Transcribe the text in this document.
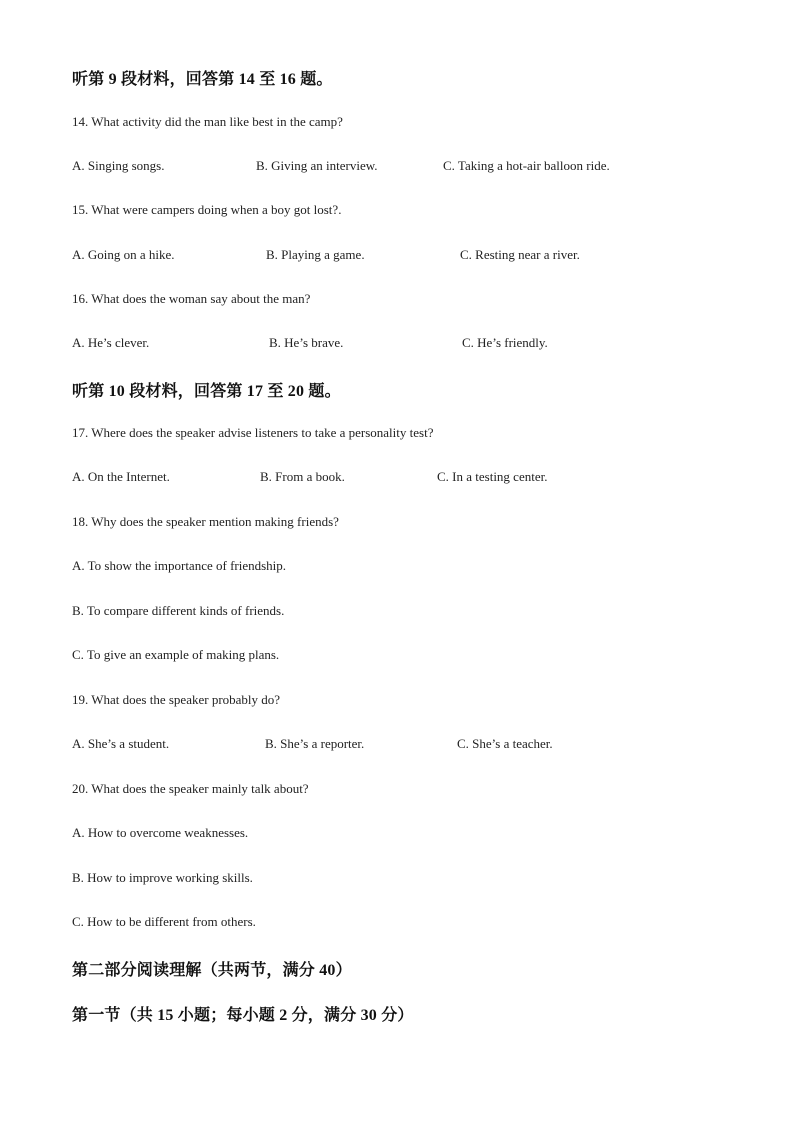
听第 9 段材料，回答第 14 至 16 题。
14. What activity did the man like best in the camp?
A. Singing songs.	B. Giving an interview.	C. Taking a hot-air balloon ride.
15. What were campers doing when a boy got lost?.
A. Going on a hike.	B. Playing a game.	C. Resting near a river.
16. What does the woman say about the man?
A. He’s clever.	B. He’s brave.	C. He’s friendly.
听第 10 段材料，回答第 17 至 20 题。
17. Where does the speaker advise listeners to take a personality test?
A. On the Internet.	B. From a book.	C. In a testing center.
18. Why does the speaker mention making friends?
A. To show the importance of friendship.
B. To compare different kinds of friends.
C. To give an example of making plans.
19. What does the speaker probably do?
A. She’s a student.	B. She’s a reporter.	C. She’s a teacher.
20. What does the speaker mainly talk about?
A. How to overcome weaknesses.
B. How to improve working skills.
C. How to be different from others.
第二部分阅读理解（共两节，满分 40）
第一节（共 15 小题；每小题 2 分，满分 30 分）
